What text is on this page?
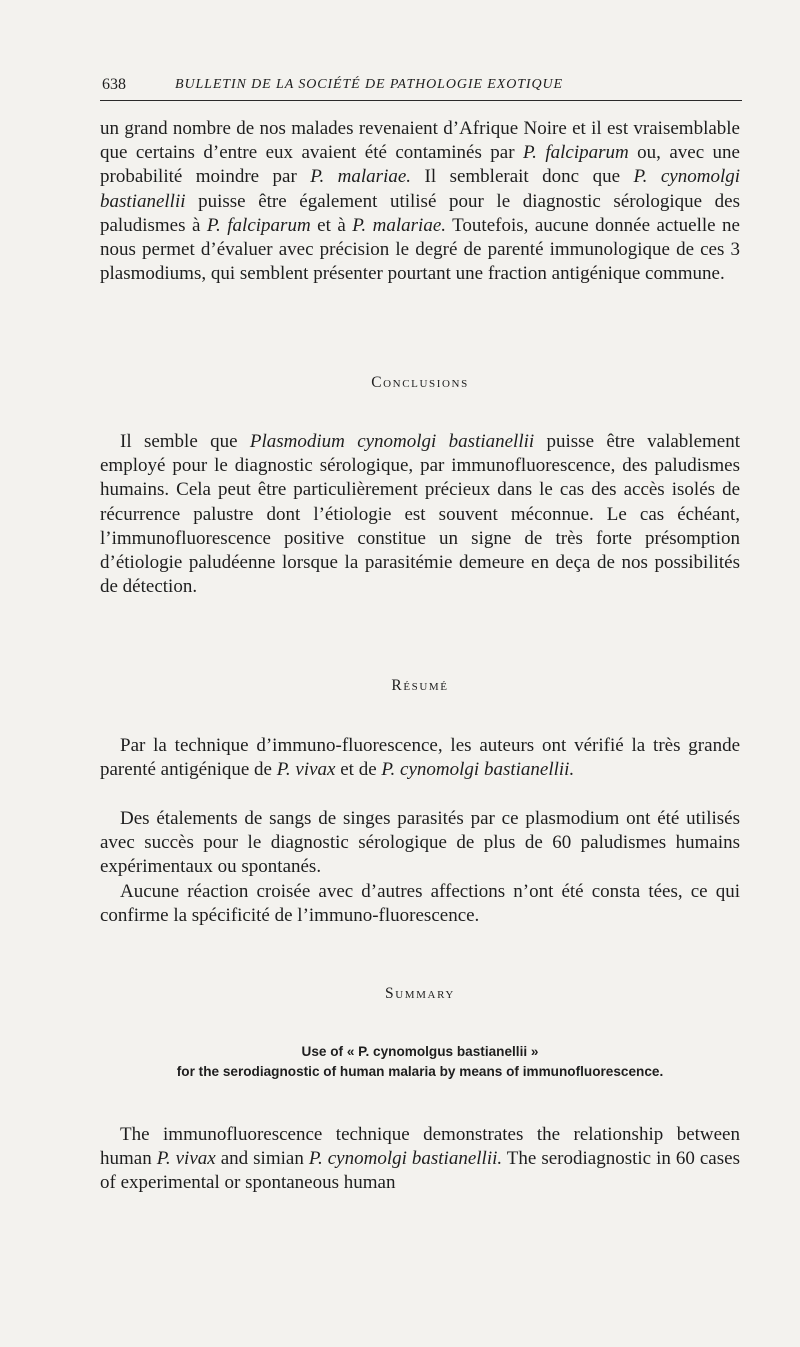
638	BULLETIN DE LA SOCIÉTÉ DE PATHOLOGIE EXOTIQUE

un grand nombre de nos malades revenaient d’Afrique Noire et il est vraisemblable que certains d’entre eux avaient été contaminés par P. falciparum ou, avec une probabilité moindre par P. malariae. Il semblerait donc que P. cynomolgi bastianellii puisse être également utilisé pour le diagnostic sérologique des paludismes à P. falciparum et à P. malariae. Toutefois, aucune donnée actuelle ne nous permet d’évaluer avec précision le degré de parenté immunologique de ces 3 plasmodiums, qui semblent présenter pourtant une fraction antigénique commune.

Conclusions

Il semble que Plasmodium cynomolgi bastianellii puisse être valablement employé pour le diagnostic sérologique, par immunofluorescence, des paludismes humains. Cela peut être particulièrement précieux dans le cas des accès isolés de récurrence palustre dont l’étiologie est souvent méconnue. Le cas échéant, l’immunofluorescence positive constitue un signe de très forte présomption d’étiologie paludéenne lorsque la parasitémie demeure en deça de nos possibilités de détection.

Résumé

Par la technique d’immuno-fluorescence, les auteurs ont vérifié la très grande parenté antigénique de P. vivax et de P. cynomolgi bastianellii.

Des étalements de sangs de singes parasités par ce plasmodium ont été utilisés avec succès pour le diagnostic sérologique de plus de 60 paludismes humains expérimentaux ou spontanés.

Aucune réaction croisée avec d’autres affections n’ont été consta tées, ce qui confirme la spécificité de l’immuno-fluorescence.

Summary

Use of « P. cynomolgus bastianellii »

for the serodiagnostic of human malaria by means of immunofluorescence.

The immunofluorescence technique demonstrates the relationship between human P. vivax and simian P. cynomolgi bastianellii. The serodiagnostic in 60 cases of experimental or spontaneous human
